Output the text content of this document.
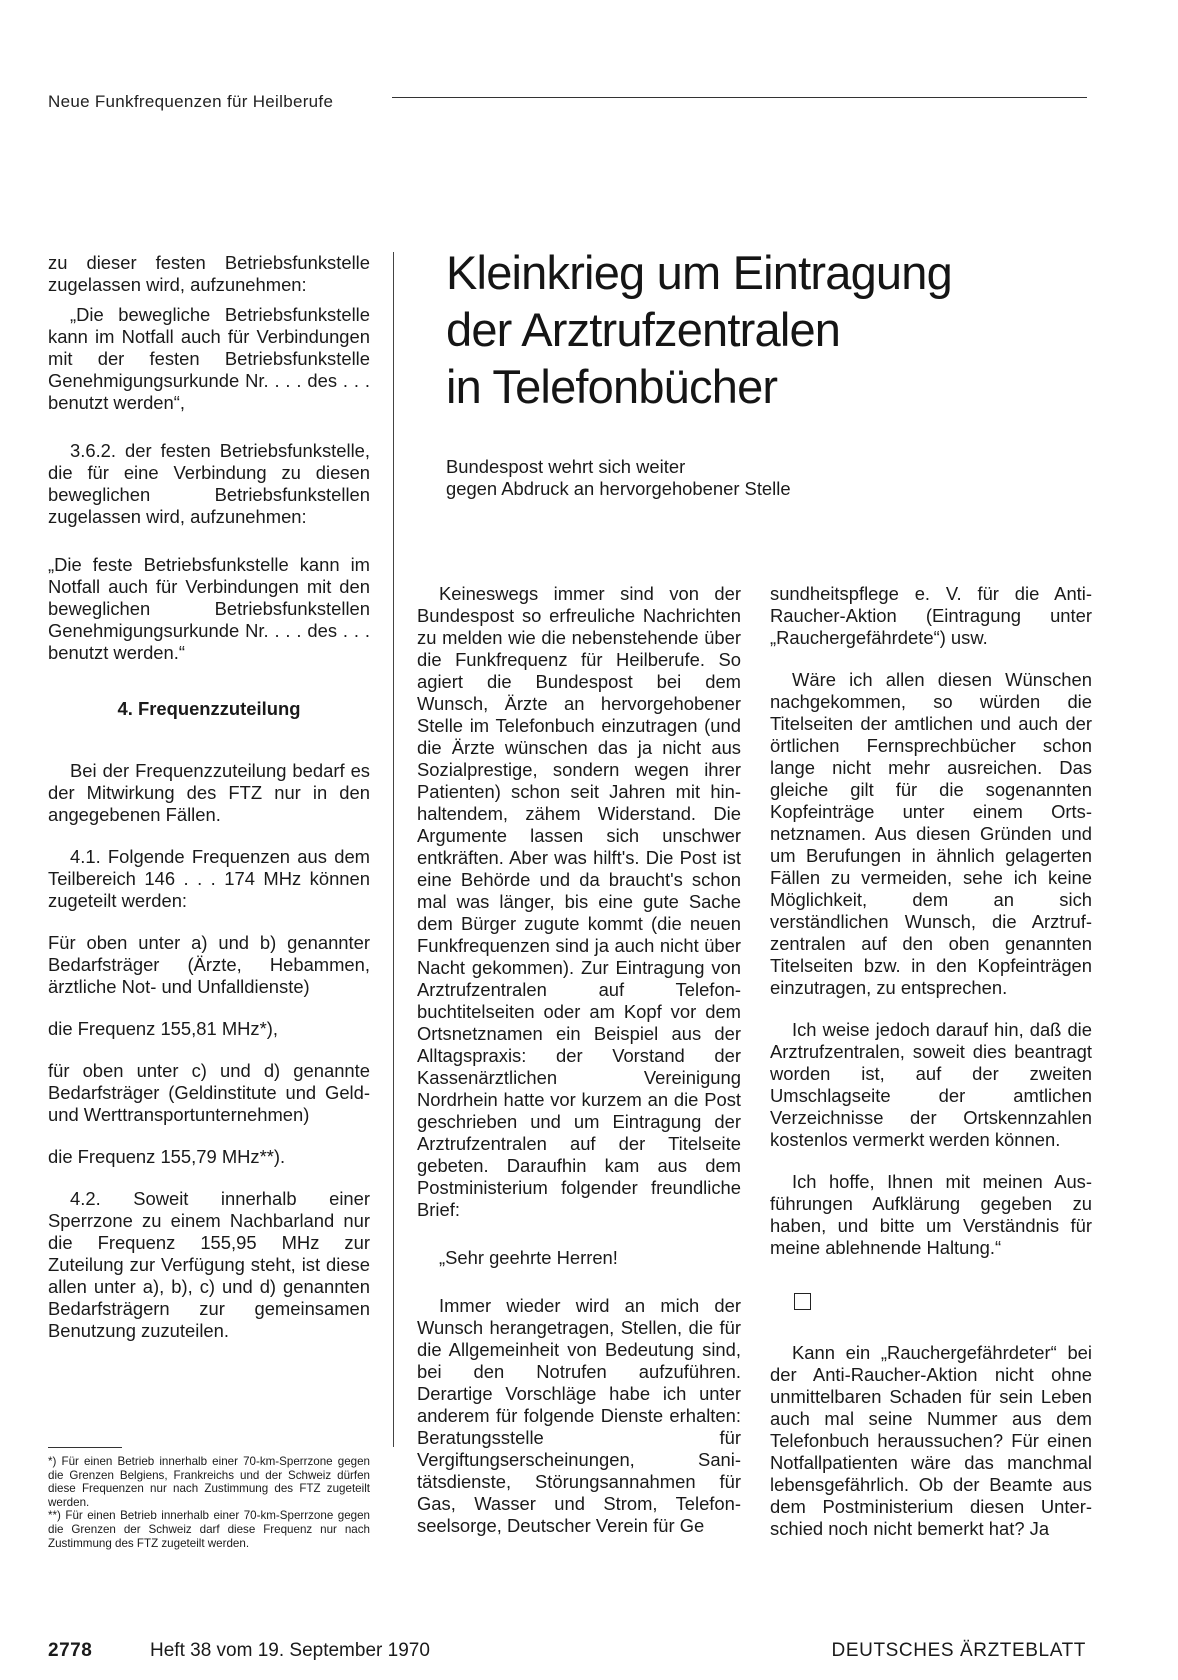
Neue Funkfrequenzen für Heilberufe

zu dieser festen Betriebsfunkstelle zugelassen wird, aufzunehmen:

„Die bewegliche Betriebsfunkstelle kann im Notfall auch für Verbindungen mit der festen Betriebsfunkstelle Genehmigungsurkunde Nr. . . . des . . . benutzt werden“,

3.6.2. der festen Betriebsfunkstelle, die für eine Verbindung zu diesen beweglichen Betriebsfunkstellen zugelassen wird, aufzunehmen:

„Die feste Betriebsfunkstelle kann im Notfall auch für Verbindungen mit den beweglichen Betriebsfunkstellen Genehmigungsurkunde Nr. . . . des . . . benutzt werden.“

4. Frequenzzuteilung

Bei der Frequenzzuteilung bedarf es der Mitwirkung des FTZ nur in den angegebenen Fällen.

4.1. Folgende Frequenzen aus dem Teilbereich 146 . . . 174 MHz können zugeteilt werden:

Für oben unter a) und b) genannter Bedarfsträger (Ärzte, Hebammen, ärztliche Not- und Unfalldienste)

die Frequenz 155,81 MHz*),

für oben unter c) und d) genannte Bedarfsträger (Geldinstitute und Geld- und Werttransportunternehmen)

die Frequenz 155,79 MHz**).

4.2. Soweit innerhalb einer Sperrzone zu einem Nachbarland nur die Frequenz 155,95 MHz zur Zuteilung zur Verfügung steht, ist diese allen unter a), b), c) und d) genannten Bedarfsträgern zur gemeinsamen Benutzung zuzuteilen.

*) Für einen Betrieb innerhalb einer 70-km-Sperrzone gegen die Grenzen Belgiens, Frankreichs und der Schweiz dürfen diese Frequenzen nur nach Zustimmung des FTZ zugeteilt werden.

**) Für einen Betrieb innerhalb einer 70-km-Sperrzone gegen die Grenzen der Schweiz darf diese Frequenz nur nach Zustimmung des FTZ zugeteilt werden.

Kleinkrieg um Eintragung
der Arztrufzentralen
in Telefonbücher
Bundespost wehrt sich weiter
gegen Abdruck an hervorgehobener Stelle

Keineswegs immer sind von der Bundespost so erfreuliche Nachrichten zu melden wie die nebenstehende über die Funkfrequenz für Heilberufe. So agiert die Bundespost bei dem Wunsch, Ärzte an hervorgehobener Stelle im Telefonbuch einzutragen (und die Ärzte wünschen das ja nicht aus Sozialprestige, sondern wegen ihrer Patienten) schon seit Jahren mit hinhaltendem, zähem Widerstand. Die Argumente lassen sich unschwer entkräften. Aber was hilft's. Die Post ist eine Behörde und da braucht's schon mal was länger, bis eine gute Sache dem Bürger zugute kommt (die neuen Funkfrequenzen sind ja auch nicht über Nacht gekommen). Zur Eintragung von Arztrufzentralen auf Telefonbuchtitelseiten oder am Kopf vor dem Ortsnetznamen ein Beispiel aus der Alltagspraxis: der Vorstand der Kassenärztlichen Vereinigung Nordrhein hatte vor kurzem an die Post geschrieben und um Eintragung der Arztrufzentralen auf der Titelseite gebeten. Daraufhin kam aus dem Postministerium folgender freundliche Brief:

„Sehr geehrte Herren!

Immer wieder wird an mich der Wunsch herangetragen, Stellen, die für die Allgemeinheit von Bedeutung sind, bei den Notrufen aufzuführen. Derartige Vorschläge habe ich unter anderem für folgende Dienste erhalten: Beratungsstelle für Vergiftungserscheinungen, Sanitätsdienste, Störungsannahmen für Gas, Wasser und Strom, Telefonseelsorge, Deutscher Verein für Ge

sundheitspflege e. V. für die Anti-Raucher-Aktion (Eintragung unter „Rauchergefährdete“) usw.

Wäre ich allen diesen Wünschen nachgekommen, so würden die Titelseiten der amtlichen und auch der örtlichen Fernsprechbücher schon lange nicht mehr ausreichen. Das gleiche gilt für die sogenannten Kopfeinträge unter einem Ortsnetznamen. Aus diesen Gründen und um Berufungen in ähnlich gelagerten Fällen zu vermeiden, sehe ich keine Möglichkeit, dem an sich verständlichen Wunsch, die Arztrufzentralen auf den oben genannten Titelseiten bzw. in den Kopfeinträgen einzutragen, zu entsprechen.

Ich weise jedoch darauf hin, daß die Arztrufzentralen, soweit dies beantragt worden ist, auf der zweiten Umschlagseite der amtlichen Verzeichnisse der Ortskennzahlen kostenlos vermerkt werden können.

Ich hoffe, Ihnen mit meinen Ausführungen Aufklärung gegeben zu haben, und bitte um Verständnis für meine ablehnende Haltung.“

Kann ein „Rauchergefährdeter“ bei der Anti-Raucher-Aktion nicht ohne unmittelbaren Schaden für sein Leben auch mal seine Nummer aus dem Telefonbuch heraussuchen? Für einen Notfallpatienten wäre das manchmal lebensgefährlich. Ob der Beamte aus dem Postministerium diesen Unterschied noch nicht bemerkt hat? Ja

2778	Heft 38 vom 19. September 1970	DEUTSCHES ÄRZTEBLATT
